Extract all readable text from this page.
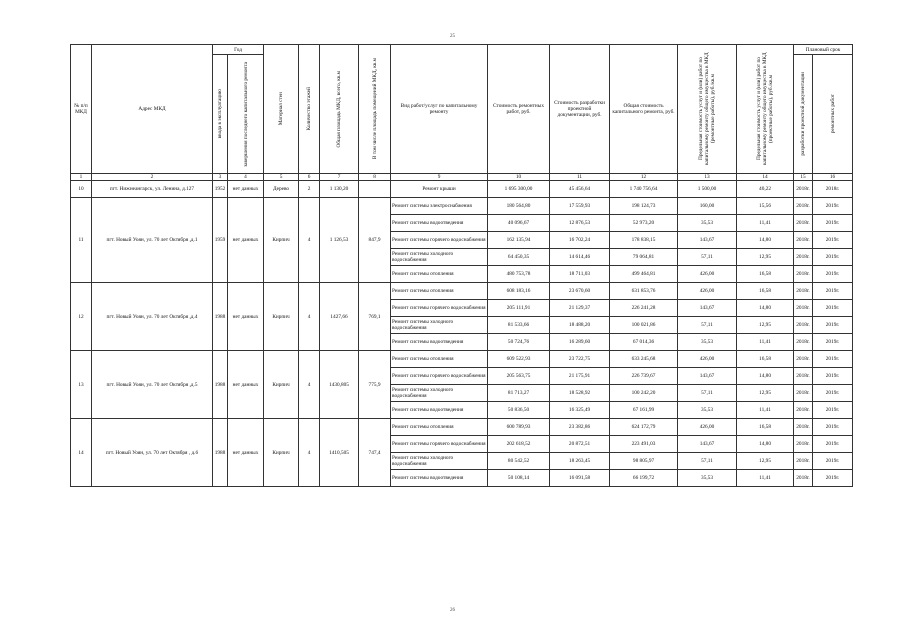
25
№ п/п МКД	Адрес МКД	Год		Материал стен	Количество этажей	Общая площадь МКД, всего, кв.м	В том числе площадь помещений МКД, кв.м	Вид работ/услуг по капитальному ремонту	Стоимость ремонтных работ, руб.	Стоимость разработки проектной документации, руб.	Общая стоимость капитального ремонта, руб.	Предельная стоимость услуг и (или) работ по капитальному ремонту общего имущества в МКД (ремонтные работы), руб./кв.м	Предельная стоимость услуг и (или) работ по капитальному ремонту общего имущества в МКД (проектные работы), руб./кв.м	Плановый срок	

		ввода в эксплуатацию	завершения последнего капитального ремонта											разработки проектной документации	ремонтных работ

1	2	3	4	5	6	7	8	9	10	11	12	13	14	15	16
10	пгт. Нижнеангарск, ул. Ленина, д.127	1952	нет данных	Дерево	2	1 130,20		Ремонт крыши	1 695 300,00	45 456,64	1 740 756,64	1 500,00	40,22	2018г.	2018г.
11	пгт. Новый Уоян, ул. 70 лет Октября ,д.1	1959	нет данных	Кирпич	4	1 126,53	847,9	Ремонт системы электроснабжения	180 564,80	17 559,93	198 124,73	160,00	15,56	2018г.	2019г.
								Ремонт системы водоотведения	40 096,67	12 876,53	52 973,20	35,53	11,41	2018г.	2019г.
								Ремонт системы горячего водоснабжения	162 135,94	16 702,24	178 838,15	143,67	14,80	2018г.	2019г.
								Ремонт системы холодного водоснабжения	64 450,35	14 614,46	79 064,81	57,11	12,95	2018г.	2019г.
								Ремонт системы отопления	480 753,78	18 711,03	499 464,81	426,00	16,58	2018г.	2019г.
12	пгт. Новый Уоян, ул. 70 лет Октября ,д.4	1988	нет данных	Кирпич	4	1427,66	769,1	Ремонт системы отопления	608 183,16	23 670,60	631 853,76	426,00	16,58	2018г.	2019г.
								Ремонт системы горячего водоснабжения	205 111,91	21 129,37	226 241,28	143,67	14,80	2018г.	2019г.
								Ремонт системы холодного водоснабжения	81 533,66	18 488,20	100 021,86	57,11	12,95	2018г.	2019г.
								Ремонт системы водоотведения	50 724,76	16 289,60	67 014,36	35,53	11,41	2018г.	2019г.
13	пгт. Новый Уоян, ул. 70 лет Октября ,д.5	1988	нет данных	Кирпич	4	1430,805	775,9	Ремонт системы отопления	609 522,93	23 722,75	633 245,68	426,00	16,58	2018г.	2019г.
								Ремонт системы горячего водоснабжения	205 563,75	21 175,91	226 739,67	143,67	14,80	2018г.	2019г.
								Ремонт системы холодного водоснабжения	81 713,27	18 528,92	100 242,20	57,11	12,95	2018г.	2019г.
								Ремонт системы водоотведения	50 836,50	16 325,49	67 161,99	35,53	11,41	2018г.	2019г.
14	пгт. Новый Уоян, ул. 70 лет Октября , д.6	1988	нет данных	Кирпич	4	1410,505	747,4	Ремонт системы отопления	600 789,93	23 382,86	624 172,79	426,00	16,58	2018г.	2019г.
								Ремонт системы горячего водоснабжения	202 618,52	20 872,51	223 491,03	143,67	14,80	2018г.	2019г.
								Ремонт системы холодного водоснабжения	80 542,52	18 263,45	98 805,97	57,11	12,95	2018г.	2019г.
								Ремонт системы водоотведения	50 108,14	16 091,58	66 199,72	35,53	11,41	2018г.	2019г.
26
